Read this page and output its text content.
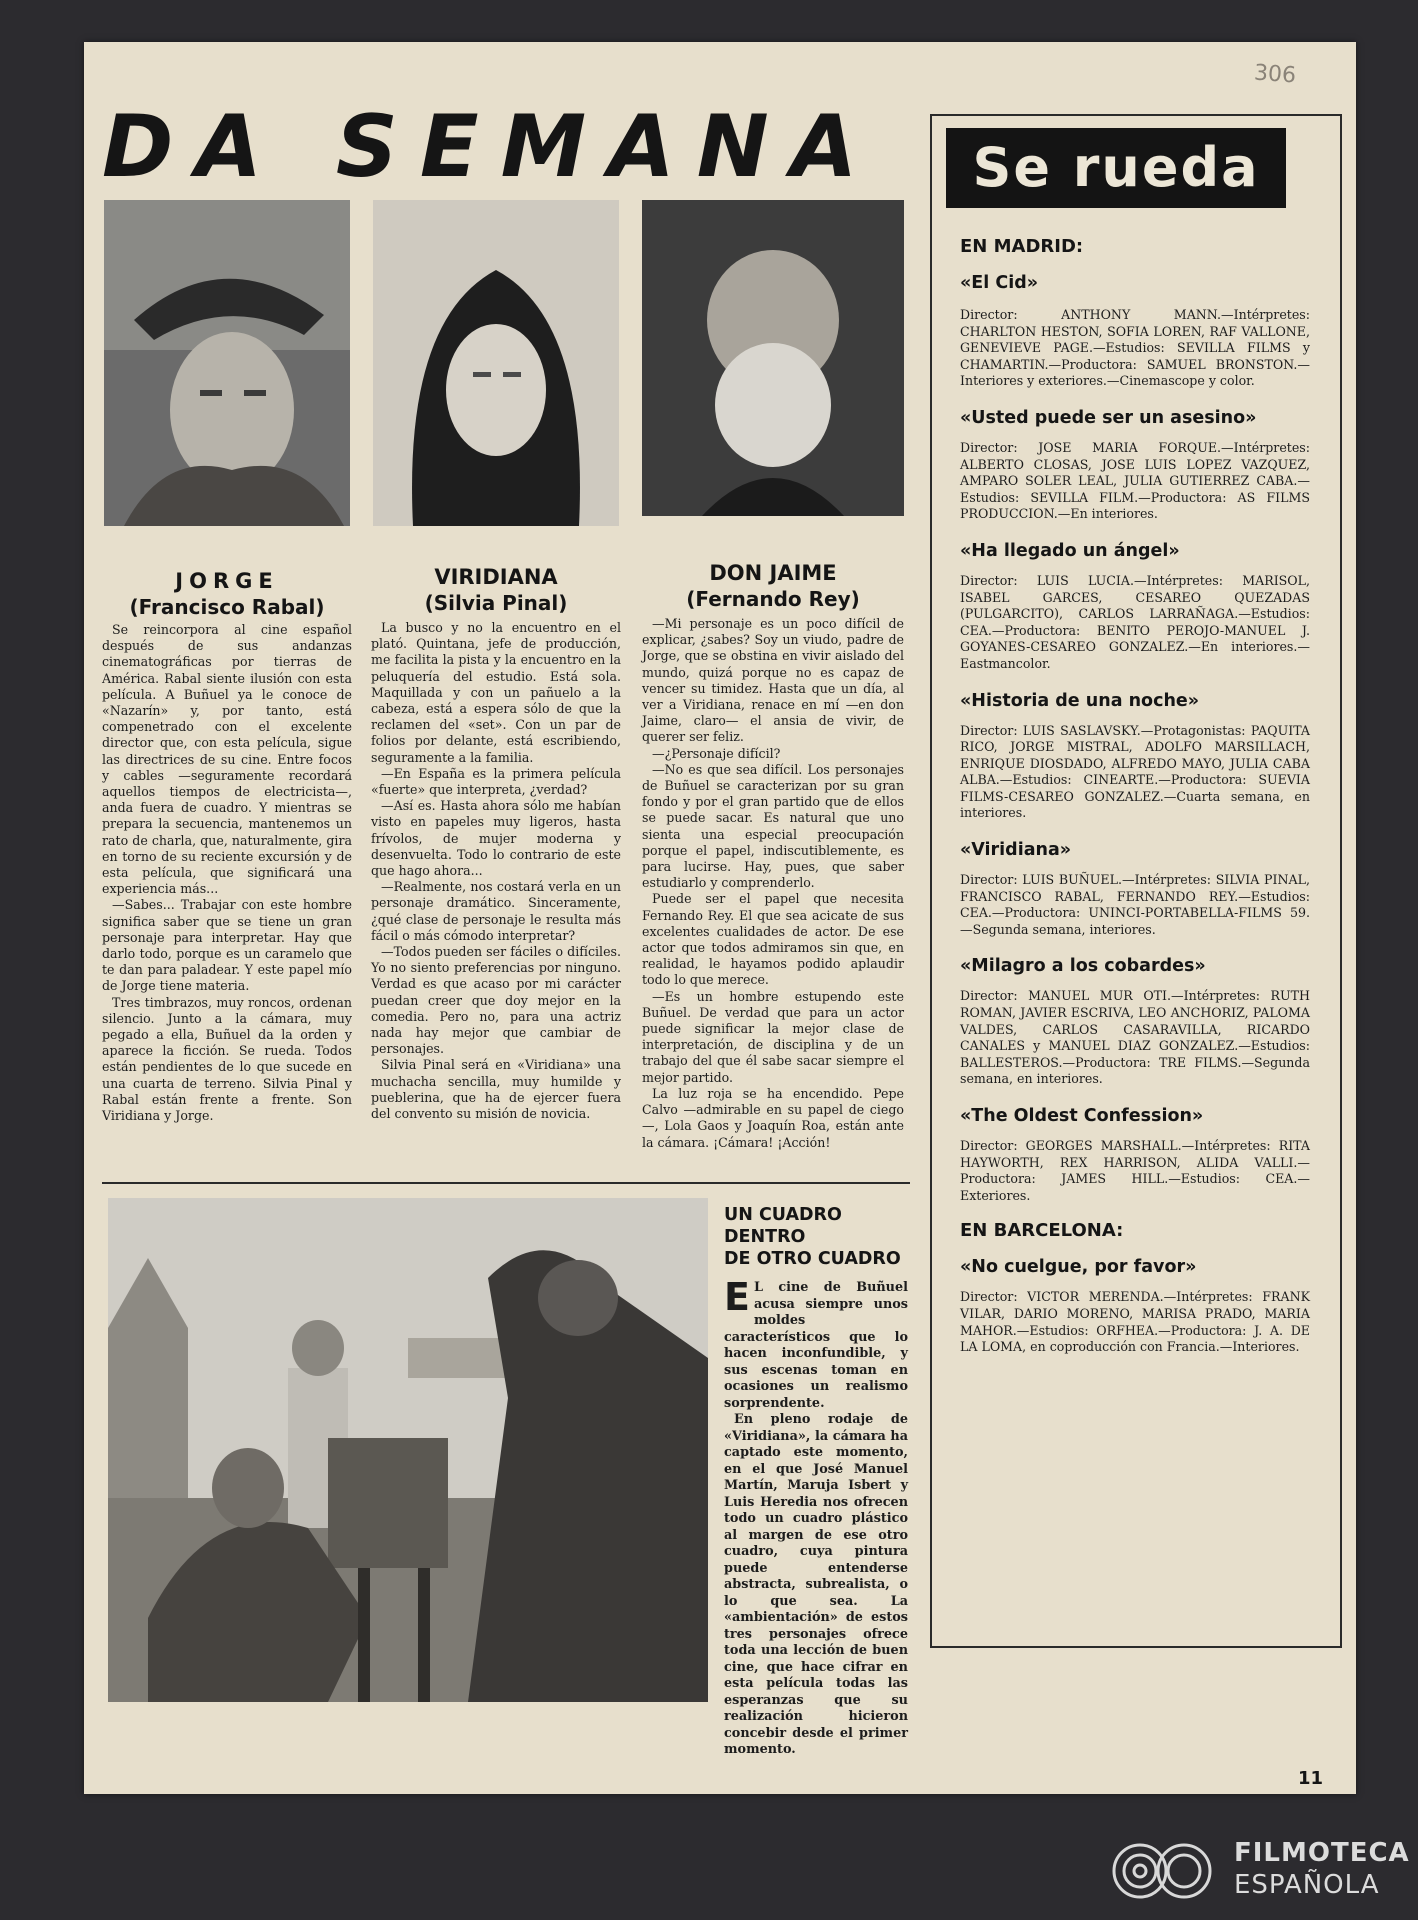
306
DA SEMANA
JORGE
(Francisco Rabal)
VIRIDIANA
(Silvia Pinal)
DON JAIME
(Fernando Rey)

Se reincorpora al cine español después de sus andanzas cinematográficas por tierras de América. Rabal siente ilusión con esta película. A Buñuel ya le conoce de «Nazarín» y, por tanto, está compenetrado con el excelente director que, con esta película, sigue las directrices de su cine. Entre focos y cables —seguramente recordará aquellos tiempos de electricista—, anda fuera de cuadro. Y mientras se prepara la secuencia, mantenemos un rato de charla, que, naturalmente, gira en torno de su reciente excursión y de esta película, que significará una experiencia más...

—Sabes... Trabajar con este hombre significa saber que se tiene un gran personaje para interpretar. Hay que darlo todo, porque es un caramelo que te dan para paladear. Y este papel mío de Jorge tiene materia.

Tres timbrazos, muy roncos, ordenan silencio. Junto a la cámara, muy pegado a ella, Buñuel da la orden y aparece la ficción. Se rueda. Todos están pendientes de lo que sucede en una cuarta de terreno. Silvia Pinal y Rabal están frente a frente. Son Viridiana y Jorge.

La busco y no la encuentro en el plató. Quintana, jefe de producción, me facilita la pista y la encuentro en la peluquería del estudio. Está sola. Maquillada y con un pañuelo a la cabeza, está a espera sólo de que la reclamen del «set». Con un par de folios por delante, está escribiendo, seguramente a la familia.

—En España es la primera película «fuerte» que interpreta, ¿verdad?

—Así es. Hasta ahora sólo me habían visto en papeles muy ligeros, hasta frívolos, de mujer moderna y desenvuelta. Todo lo contrario de este que hago ahora...

—Realmente, nos costará verla en un personaje dramático. Sinceramente, ¿qué clase de personaje le resulta más fácil o más cómodo interpretar?

—Todos pueden ser fáciles o difíciles. Yo no siento preferencias por ninguno. Verdad es que acaso por mi carácter puedan creer que doy mejor en la comedia. Pero no, para una actriz nada hay mejor que cambiar de personajes.

Silvia Pinal será en «Viridiana» una muchacha sencilla, muy humilde y pueblerina, que ha de ejercer fuera del convento su misión de novicia.

—Mi personaje es un poco difícil de explicar, ¿sabes? Soy un viudo, padre de Jorge, que se obstina en vivir aislado del mundo, quizá porque no es capaz de vencer su timidez. Hasta que un día, al ver a Viridiana, renace en mí —en don Jaime, claro— el ansia de vivir, de querer ser feliz.

—¿Personaje difícil?

—No es que sea difícil. Los personajes de Buñuel se caracterizan por su gran fondo y por el gran partido que de ellos se puede sacar. Es natural que uno sienta una especial preocupación porque el papel, indiscutiblemente, es para lucirse. Hay, pues, que saber estudiarlo y comprenderlo.

Puede ser el papel que necesita Fernando Rey. El que sea acicate de sus excelentes cualidades de actor. De ese actor que todos admiramos sin que, en realidad, le hayamos podido aplaudir todo lo que merece.

—Es un hombre estupendo este Buñuel. De verdad que para un actor puede significar la mejor clase de interpretación, de disciplina y de un trabajo del que él sabe sacar siempre el mejor partido.

La luz roja se ha encendido. Pepe Calvo —admirable en su papel de ciego—, Lola Gaos y Joaquín Roa, están ante la cámara. ¡Cámara! ¡Acción!

UN CUADRO DENTRO
DE OTRO CUADRO
E L cine de Buñuel acusa siempre unos moldes característicos que lo hacen inconfundible, y sus escenas toman en ocasiones un realismo sorprendente.
En pleno rodaje de «Viridiana», la cámara ha captado este momento, en el que José Manuel Martín, Maruja Isbert y Luis Heredia nos ofrecen todo un cuadro plástico al margen de ese otro cuadro, cuya pintura puede entenderse abstracta, subrealista, o lo que sea. La «ambientación» de estos tres personajes ofrece toda una lección de buen cine, que hace cifrar en esta película todas las esperanzas que su realización hicieron concebir desde el primer momento.
Se rueda
EN MADRID:
«El Cid»

Director: ANTHONY MANN.—Intérpretes: CHARLTON HESTON, SOFIA LOREN, RAF VALLONE, GENEVIEVE PAGE.—Estudios: SEVILLA FILMS y CHAMARTIN.—Productora: SAMUEL BRONSTON.—Interiores y exteriores.—Cinemascope y color.

«Usted puede ser un asesino»

Director: JOSE MARIA FORQUE.—Intérpretes: ALBERTO CLOSAS, JOSE LUIS LOPEZ VAZQUEZ, AMPARO SOLER LEAL, JULIA GUTIERREZ CABA.—Estudios: SEVILLA FILM.—Productora: AS FILMS PRODUCCION.—En interiores.

«Ha llegado un ángel»

Director: LUIS LUCIA.—Intérpretes: MARISOL, ISABEL GARCES, CESAREO QUEZADAS (PULGARCITO), CARLOS LARRAÑAGA.—Estudios: CEA.—Productora: BENITO PEROJO-MANUEL J. GOYANES-CESAREO GONZALEZ.—En interiores.—Eastmancolor.

«Historia de una noche»

Director: LUIS SASLAVSKY.—Protagonistas: PAQUITA RICO, JORGE MISTRAL, ADOLFO MARSILLACH, ENRIQUE DIOSDADO, ALFREDO MAYO, JULIA CABA ALBA.—Estudios: CINEARTE.—Productora: SUEVIA FILMS-CESAREO GONZALEZ.—Cuarta semana, en interiores.

«Viridiana»

Director: LUIS BUÑUEL.—Intérpretes: SILVIA PINAL, FRANCISCO RABAL, FERNANDO REY.—Estudios: CEA.—Productora: UNINCI-PORTABELLA-FILMS 59.—Segunda semana, interiores.

«Milagro a los cobardes»

Director: MANUEL MUR OTI.—Intérpretes: RUTH ROMAN, JAVIER ESCRIVA, LEO ANCHORIZ, PALOMA VALDES, CARLOS CASARAVILLA, RICARDO CANALES y MANUEL DIAZ GONZALEZ.—Estudios: BALLESTEROS.—Productora: TRE FILMS.—Segunda semana, en interiores.

«The Oldest Confession»

Director: GEORGES MARSHALL.—Intérpretes: RITA HAYWORTH, REX HARRISON, ALIDA VALLI.—Productora: JAMES HILL.—Estudios: CEA.—Exteriores.

EN BARCELONA:
«No cuelgue, por favor»

Director: VICTOR MERENDA.—Intérpretes: FRANK VILAR, DARIO MORENO, MARISA PRADO, MARIA MAHOR.—Estudios: ORFHEA.—Productora: J. A. DE LA LOMA, en coproducción con Francia.—Interiores.

11
FILMOTECA
ESPAÑOLA
